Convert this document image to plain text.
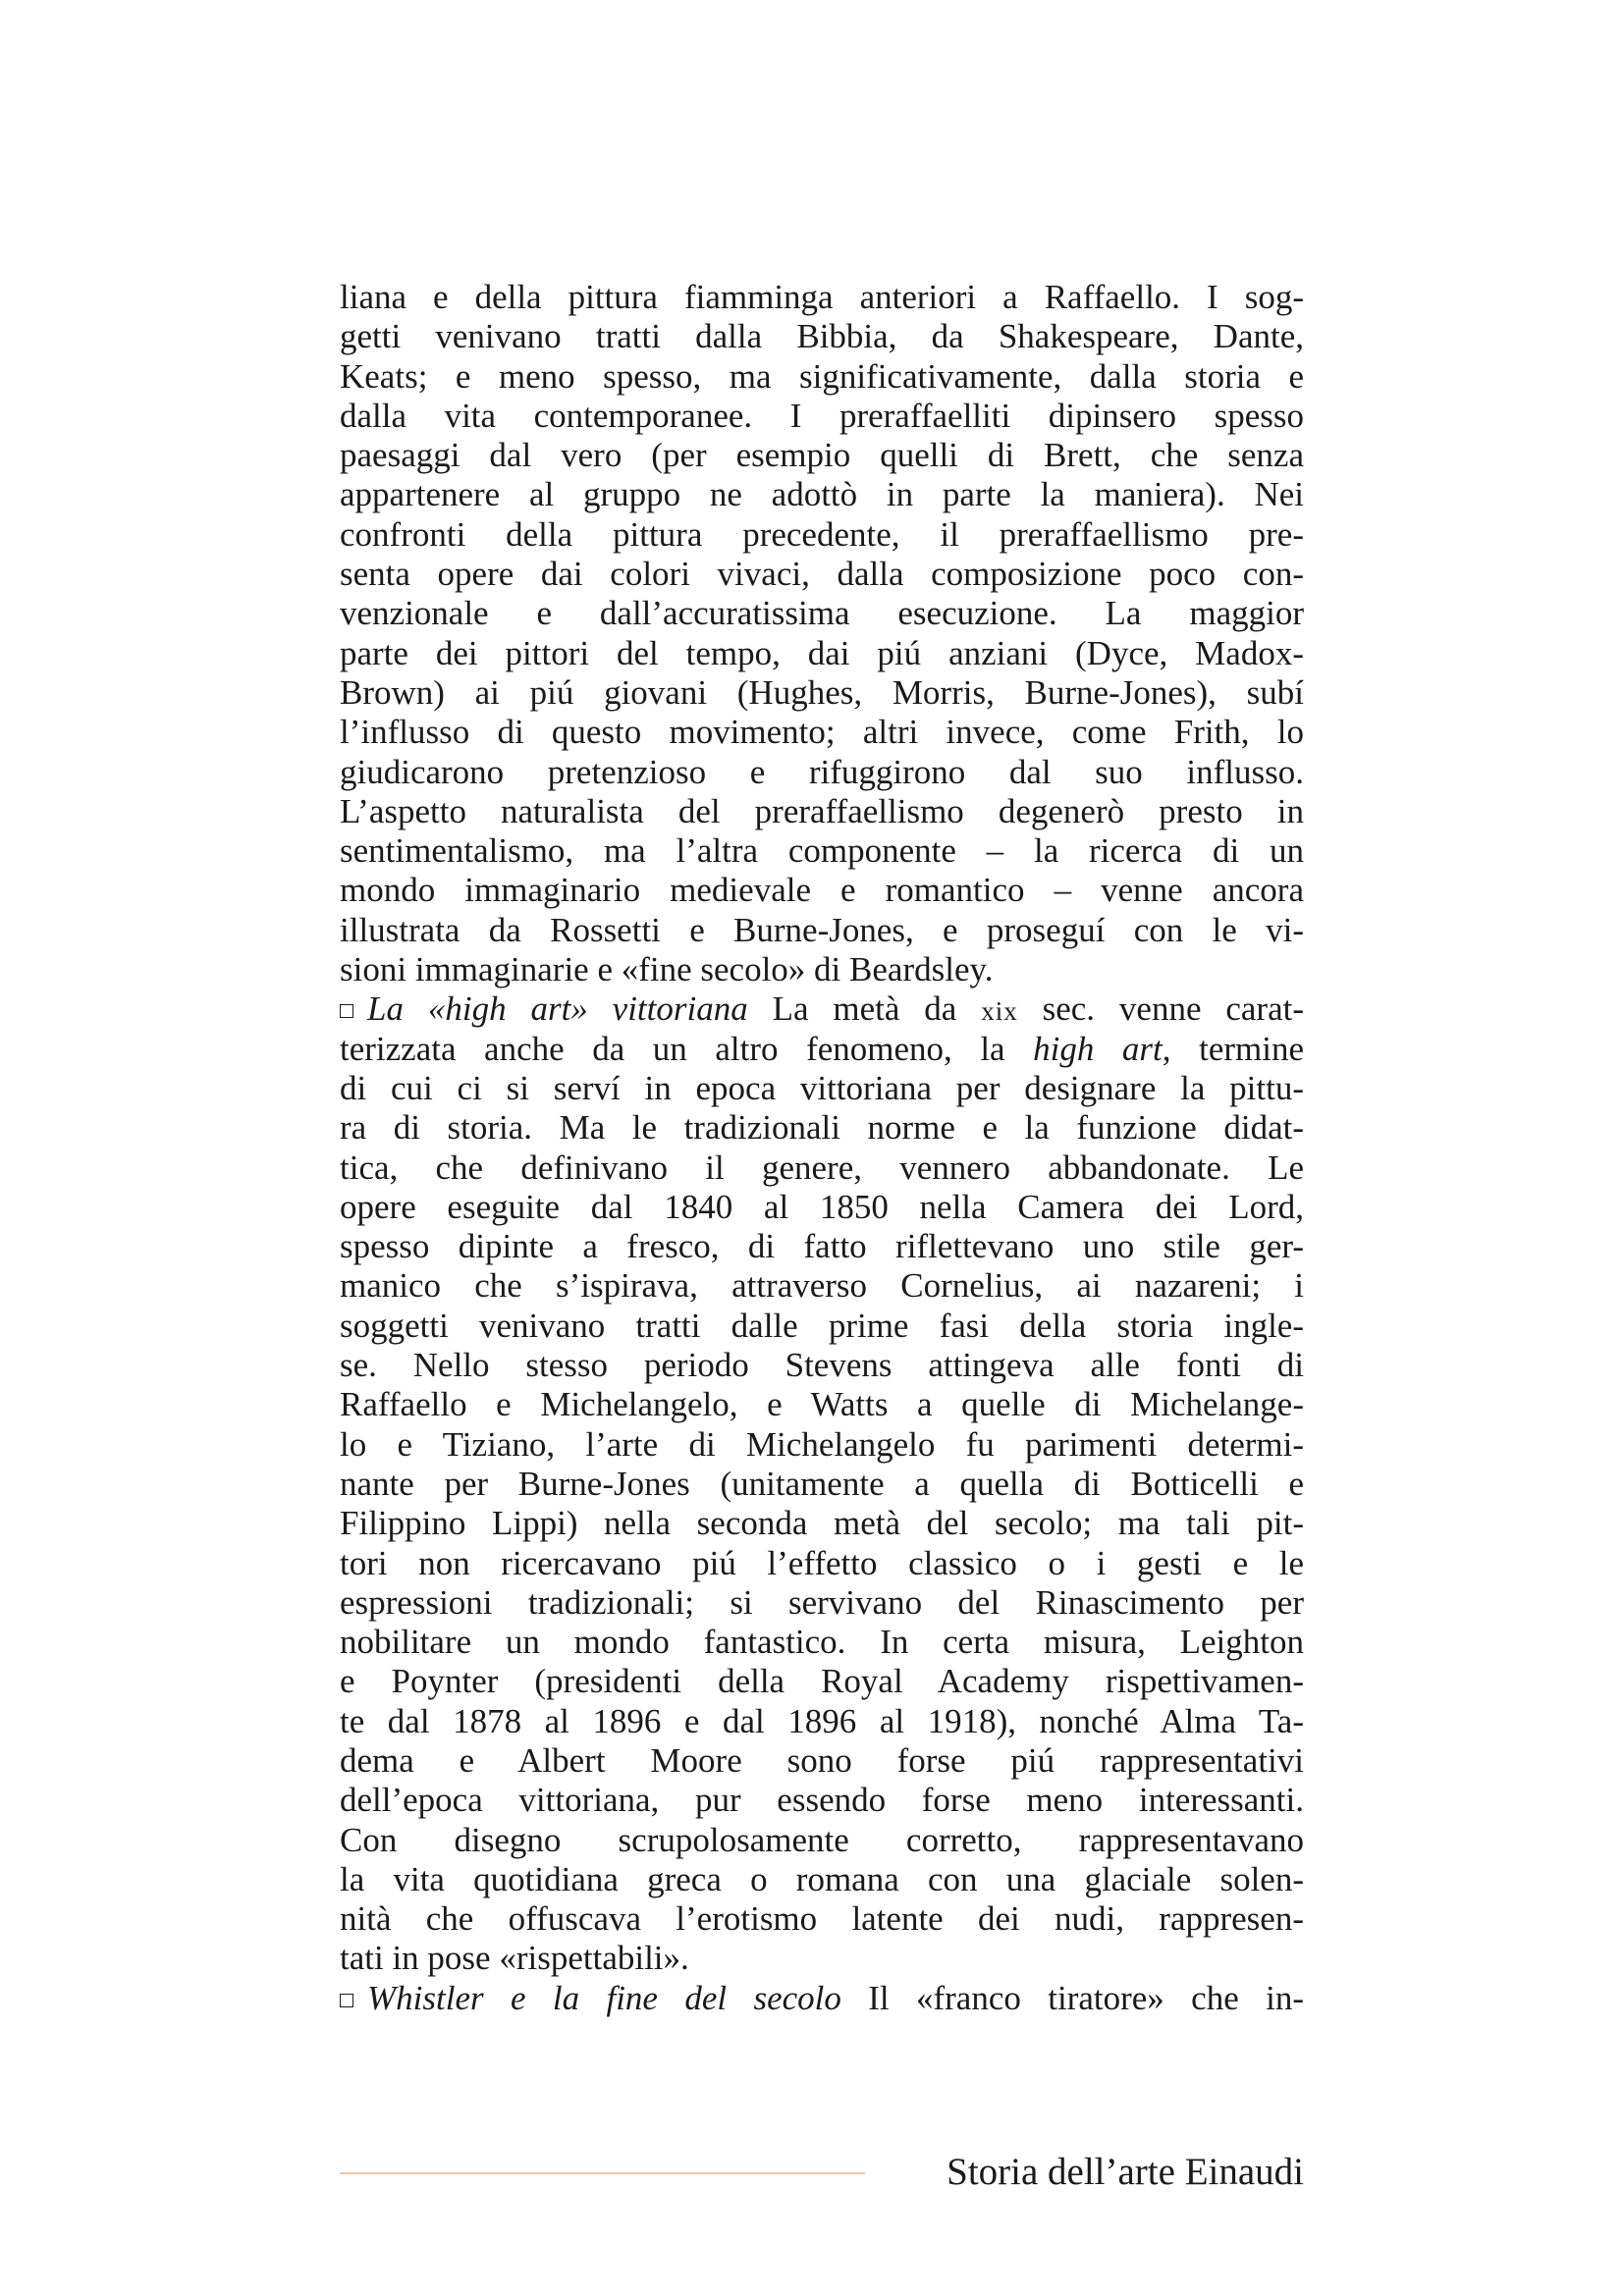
liana e della pittura fiamminga anteriori a Raffaello. I sog-
getti venivano tratti dalla Bibbia, da Shakespeare, Dante,
Keats; e meno spesso, ma significativamente, dalla storia e
dalla vita contemporanee. I preraffaelliti dipinsero spesso
paesaggi dal vero (per esempio quelli di Brett, che senza
appartenere al gruppo ne adottò in parte la maniera). Nei
confronti della pittura precedente, il preraffaellismo pre-
senta opere dai colori vivaci, dalla composizione poco con-
venzionale e dall’accuratissima esecuzione. La maggior
parte dei pittori del tempo, dai piú anziani (Dyce, Madox-
Brown) ai piú giovani (Hughes, Morris, Burne-Jones), subí
l’influsso di questo movimento; altri invece, come Frith, lo
giudicarono pretenzioso e rifuggirono dal suo influsso.
L’aspetto naturalista del preraffaellismo degenerò presto in
sentimentalismo, ma l’altra componente – la ricerca di un
mondo immaginario medievale e romantico – venne ancora
illustrata da Rossetti e Burne-Jones, e proseguí con le vi-
sioni immaginarie e «fine secolo» di Beardsley.
La «high art» vittoriana La metà da xix sec. venne carat-
terizzata anche da un altro fenomeno, la high art, termine
di cui ci si serví in epoca vittoriana per designare la pittu-
ra di storia. Ma le tradizionali norme e la funzione didat-
tica, che definivano il genere, vennero abbandonate. Le
opere eseguite dal 1840 al 1850 nella Camera dei Lord,
spesso dipinte a fresco, di fatto riflettevano uno stile ger-
manico che s’ispirava, attraverso Cornelius, ai nazareni; i
soggetti venivano tratti dalle prime fasi della storia ingle-
se. Nello stesso periodo Stevens attingeva alle fonti di
Raffaello e Michelangelo, e Watts a quelle di Michelange-
lo e Tiziano, l’arte di Michelangelo fu parimenti determi-
nante per Burne-Jones (unitamente a quella di Botticelli e
Filippino Lippi) nella seconda metà del secolo; ma tali pit-
tori non ricercavano piú l’effetto classico o i gesti e le
espressioni tradizionali; si servivano del Rinascimento per
nobilitare un mondo fantastico. In certa misura, Leighton
e Poynter (presidenti della Royal Academy rispettivamen-
te dal 1878 al 1896 e dal 1896 al 1918), nonché Alma Ta-
dema e Albert Moore sono forse piú rappresentativi
dell’epoca vittoriana, pur essendo forse meno interessanti.
Con disegno scrupolosamente corretto, rappresentavano
la vita quotidiana greca o romana con una glaciale solen-
nità che offuscava l’erotismo latente dei nudi, rappresen-
tati in pose «rispettabili».
Whistler e la fine del secolo Il «franco tiratore» che in-
Storia dell’arte Einaudi
